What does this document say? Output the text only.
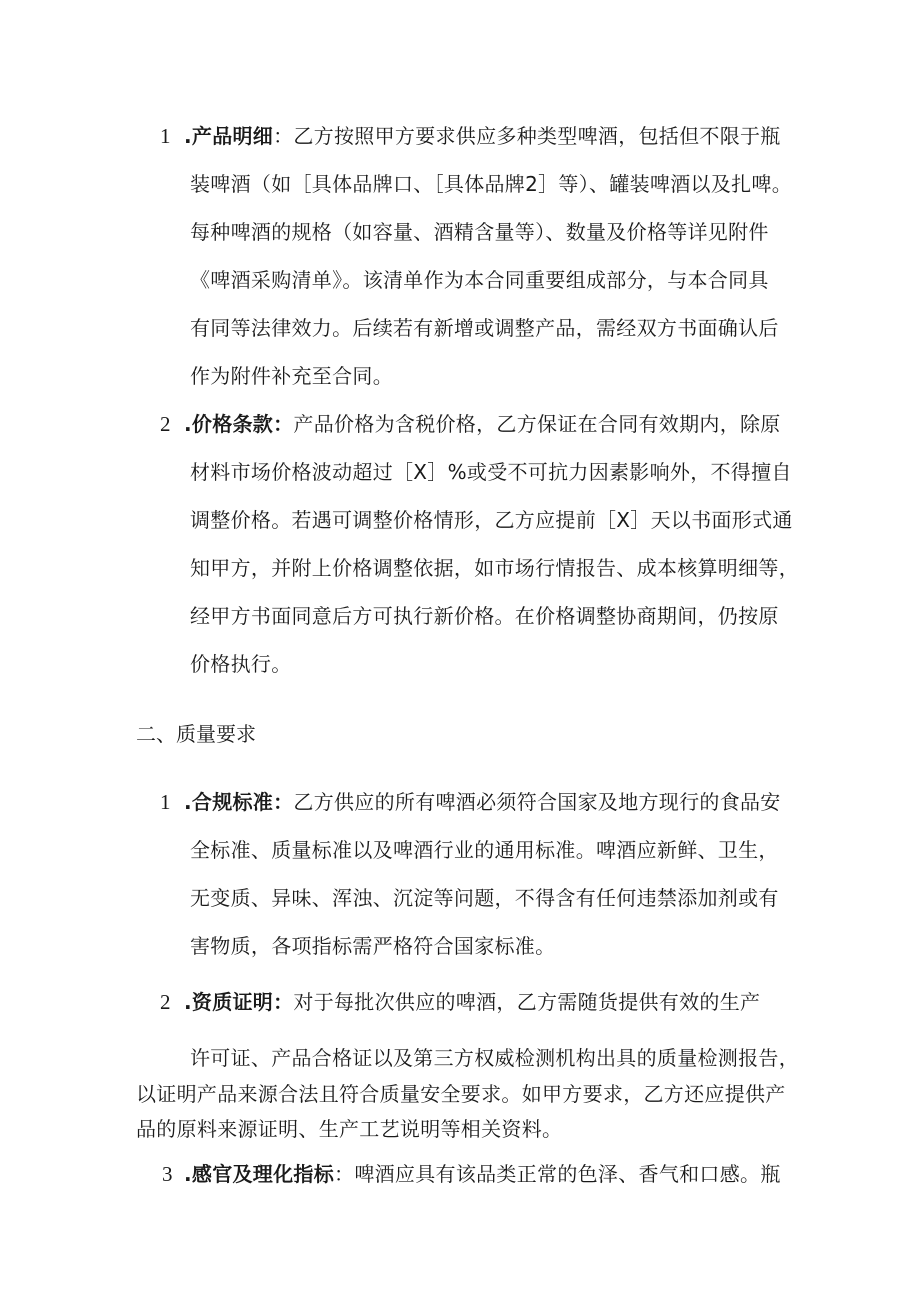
1 .产品明细：乙方按照甲方要求供应多种类型啤酒，包括但不限于瓶
装啤酒（如［具体品牌口、［具体品牌2］等）、罐装啤酒以及扎啤。
每种啤酒的规格（如容量、酒精含量等）、数量及价格等详见附件
《啤酒采购清单》。该清单作为本合同重要组成部分，与本合同具
有同等法律效力。后续若有新增或调整产品，需经双方书面确认后
作为附件补充至合同。
2 .价格条款：产品价格为含税价格，乙方保证在合同有效期内，除原
材料市场价格波动超过［X］%或受不可抗力因素影响外，不得擅自
调整价格。若遇可调整价格情形，乙方应提前［X］天以书面形式通
知甲方，并附上价格调整依据，如市场行情报告、成本核算明细等，
经甲方书面同意后方可执行新价格。在价格调整协商期间，仍按原
价格执行。
二、质量要求
1 .合规标准：乙方供应的所有啤酒必须符合国家及地方现行的食品安
全标准、质量标准以及啤酒行业的通用标准。啤酒应新鲜、卫生，
无变质、异味、浑浊、沉淀等问题，不得含有任何违禁添加剂或有
害物质，各项指标需严格符合国家标准。
2 .资质证明：对于每批次供应的啤酒，乙方需随货提供有效的生产
许可证、产品合格证以及第三方权威检测机构出具的质量检测报告，
以证明产品来源合法且符合质量安全要求。如甲方要求，乙方还应提供产
品的原料来源证明、生产工艺说明等相关资料。
3 .感官及理化指标：啤酒应具有该品类正常的色泽、香气和口感。瓶
